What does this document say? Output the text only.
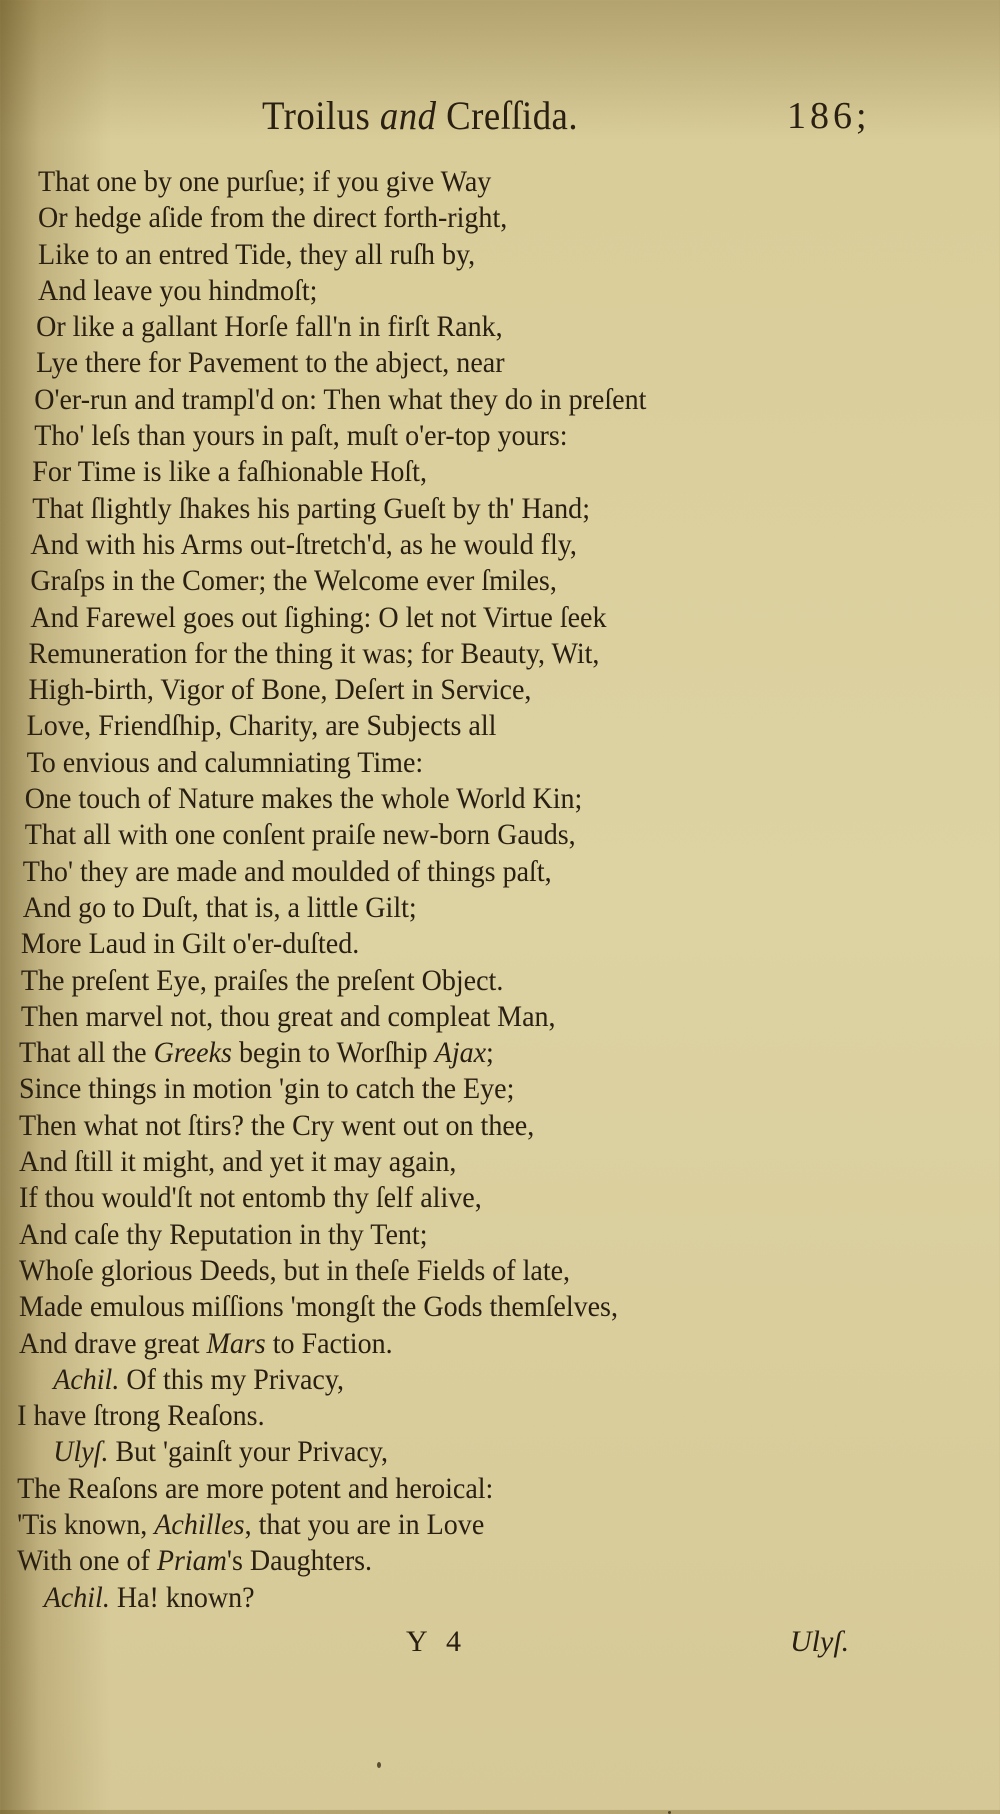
Troilus and Creſſida.	186;
That one by one purſue; if you give Way
Or hedge aſide from the direct forth-right,
Like to an entred Tide, they all ruſh by,
And leave you hindmoſt;
Or like a gallant Horſe fall'n in firſt Rank,
Lye there for Pavement to the abject, near
O'er-run and trampl'd on: Then what they do in preſent
Tho' leſs than yours in paſt, muſt o'er-top yours:
For Time is like a faſhionable Hoſt,
That ſlightly ſhakes his parting Gueſt by th' Hand;
And with his Arms out-ſtretch'd, as he would fly,
Graſps in the Comer; the Welcome ever ſmiles,
And Farewel goes out ſighing: O let not Virtue ſeek
Remuneration for the thing it was; for Beauty, Wit,
High-birth, Vigor of Bone, Deſert in Service,
Love, Friendſhip, Charity, are Subjects all
To envious and calumniating Time:
One touch of Nature makes the whole World Kin;
That all with one conſent praiſe new-born Gauds,
Tho' they are made and moulded of things paſt,
And go to Duſt, that is, a little Gilt;
More Laud in Gilt o'er-duſted.
The preſent Eye, praiſes the preſent Object.
Then marvel not, thou great and compleat Man,
That all the Greeks begin to Worſhip Ajax;
Since things in motion 'gin to catch the Eye;
Then what not ſtirs? the Cry went out on thee,
And ſtill it might, and yet it may again,
If thou would'ſt not entomb thy ſelf alive,
And caſe thy Reputation in thy Tent;
Whoſe glorious Deeds, but in theſe Fields of late,
Made emulous miſſions 'mongſt the Gods themſelves,
And drave great Mars to Faction.
Achil. Of this my Privacy,
I have ſtrong Reaſons.
Ulyſ. But 'gainſt your Privacy,
The Reaſons are more potent and heroical:
'Tis known, Achilles, that you are in Love
With one of Priam's Daughters.
Achil. Ha! known?
Y 4	Ulyſ.
